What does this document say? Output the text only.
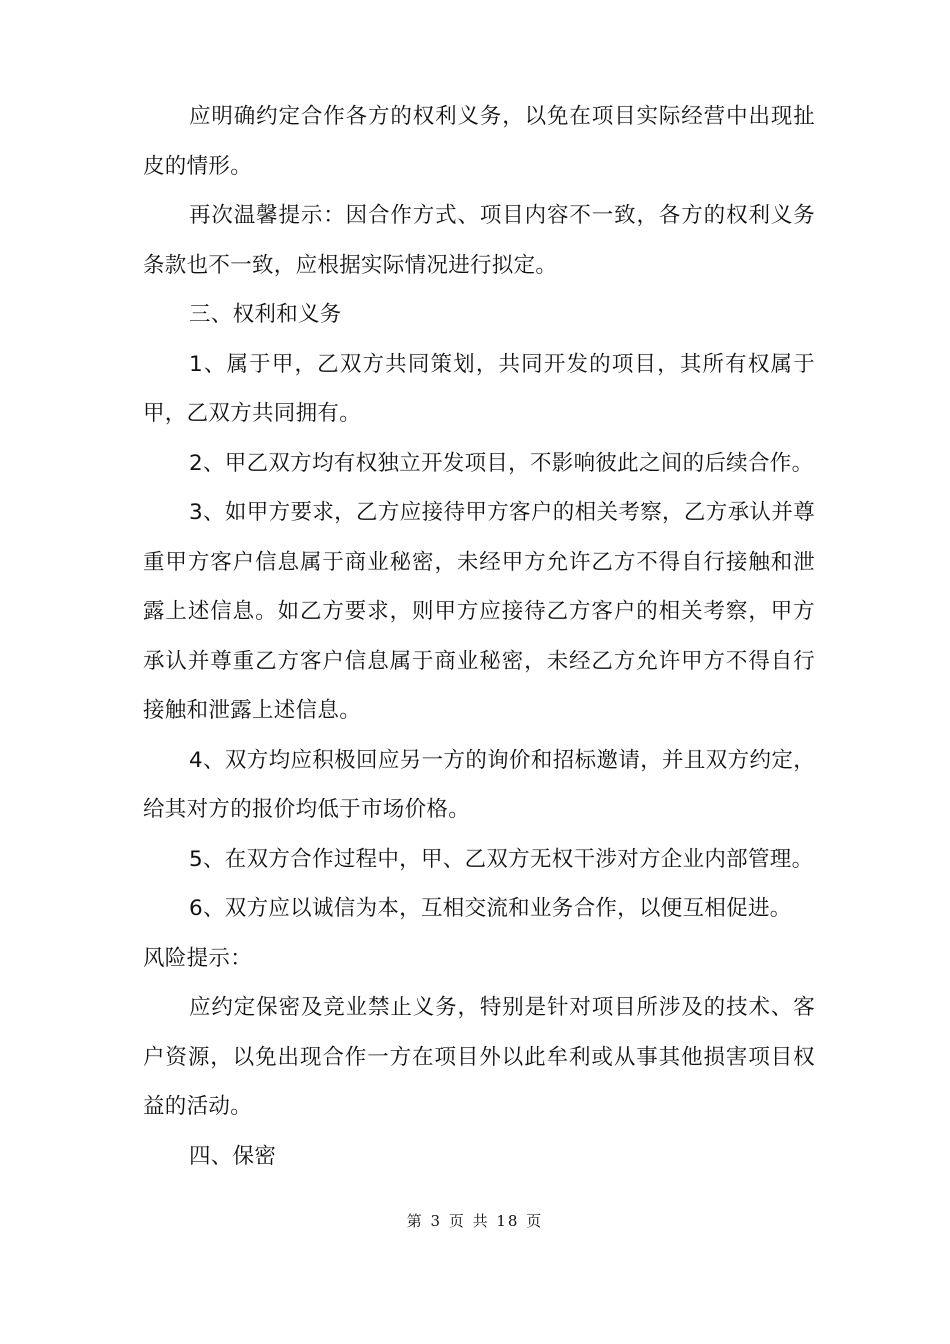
应明确约定合作各方的权利义务，以免在项目实际经营中出现扯皮的情形。

再次温馨提示：因合作方式、项目内容不一致，各方的权利义务条款也不一致，应根据实际情况进行拟定。

三、权利和义务

1、属于甲，乙双方共同策划，共同开发的项目，其所有权属于甲，乙双方共同拥有。

2、甲乙双方均有权独立开发项目，不影响彼此之间的后续合作。

3、如甲方要求，乙方应接待甲方客户的相关考察，乙方承认并尊重甲方客户信息属于商业秘密，未经甲方允许乙方不得自行接触和泄露上述信息。如乙方要求，则甲方应接待乙方客户的相关考察，甲方承认并尊重乙方客户信息属于商业秘密，未经乙方允许甲方不得自行接触和泄露上述信息。

4、双方均应积极回应另一方的询价和招标邀请，并且双方约定，给其对方的报价均低于市场价格。

5、在双方合作过程中，甲、乙双方无权干涉对方企业内部管理。

6、双方应以诚信为本，互相交流和业务合作，以便互相促进。

风险提示：

应约定保密及竞业禁止义务，特别是针对项目所涉及的技术、客户资源，以免出现合作一方在项目外以此牟利或从事其他损害项目权益的活动。

四、保密

第 3 页 共 18 页
